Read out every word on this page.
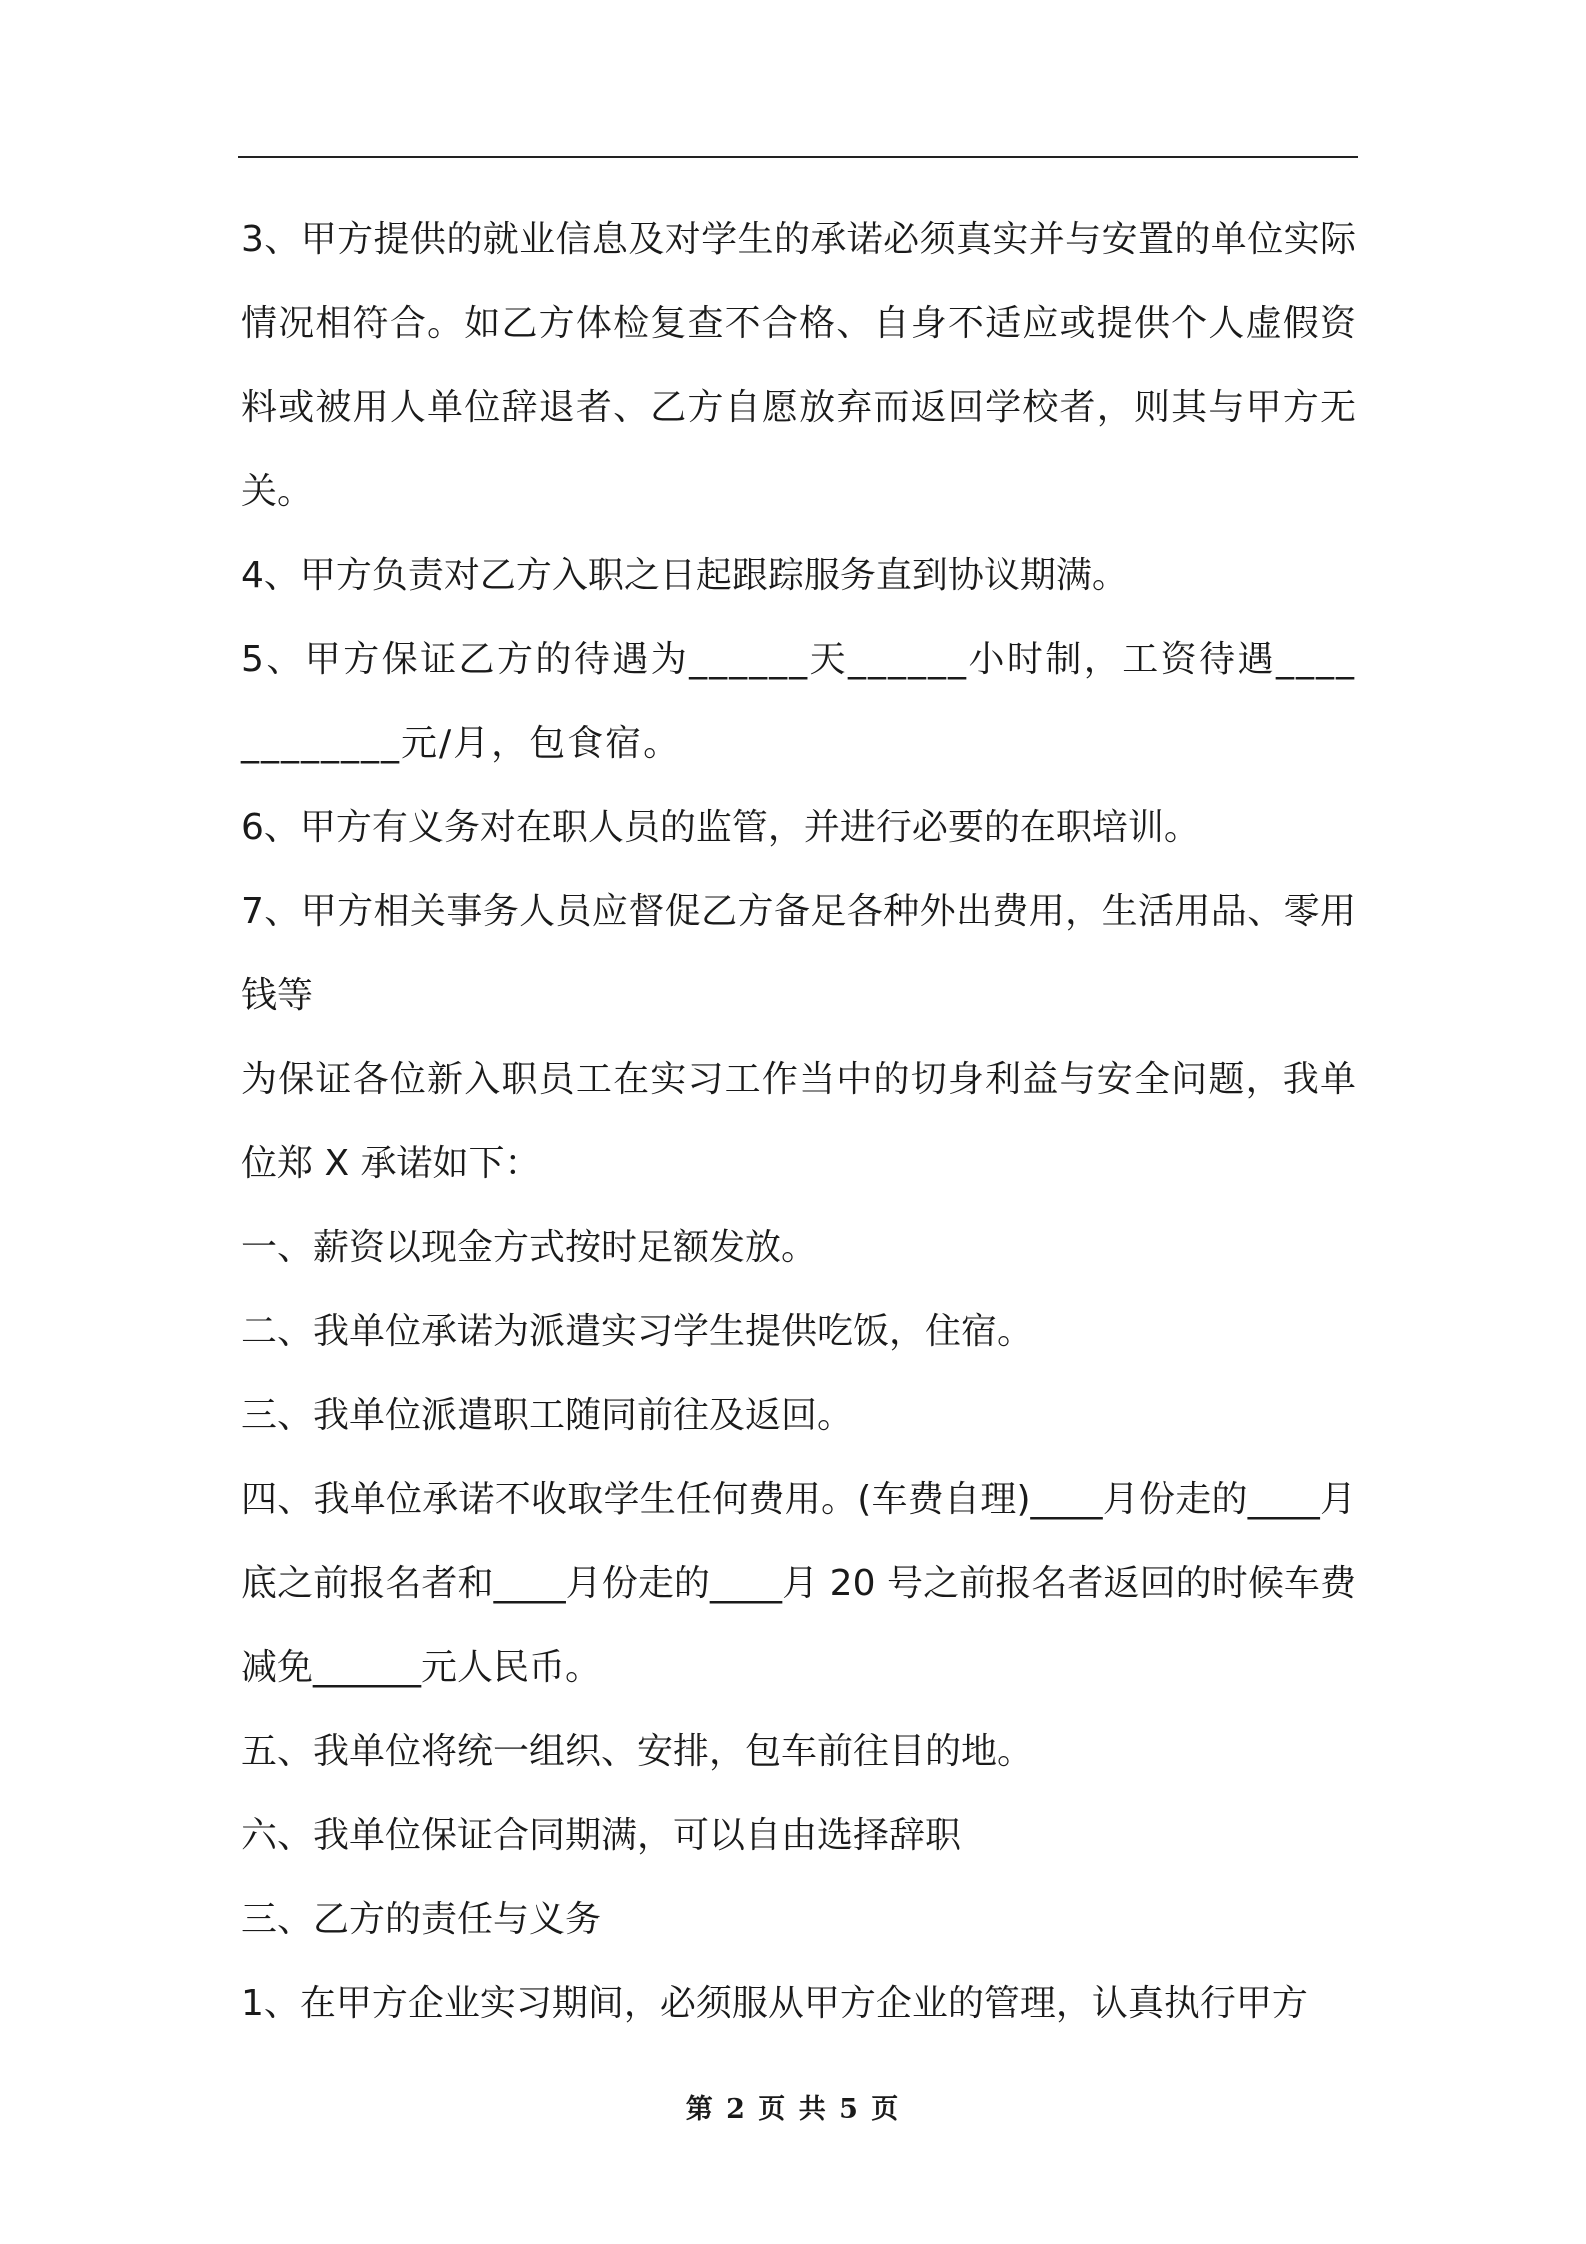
3、甲方提供的就业信息及对学生的承诺必须真实并与安置的单位实际情况相符合。如乙方体检复查不合格、自身不适应或提供个人虚假资料或被用人单位辞退者、乙方自愿放弃而返回学校者，则其与甲方无关。

4、甲方负责对乙方入职之日起跟踪服务直到协议期满。

5、甲方保证乙方的待遇为______天______小时制，工资待遇____________元/月，包食宿。

6、甲方有义务对在职人员的监管，并进行必要的在职培训。

7、甲方相关事务人员应督促乙方备足各种外出费用，生活用品、零用钱等

为保证各位新入职员工在实习工作当中的切身利益与安全问题，我单位郑 X 承诺如下：

一、薪资以现金方式按时足额发放。

二、我单位承诺为派遣实习学生提供吃饭，住宿。

三、我单位派遣职工随同前往及返回。

四、我单位承诺不收取学生任何费用。(车费自理)____月份走的____月底之前报名者和____月份走的____月 20 号之前报名者返回的时候车费减免______元人民币。

五、我单位将统一组织、安排，包车前往目的地。

六、我单位保证合同期满，可以自由选择辞职

三、乙方的责任与义务

1、在甲方企业实习期间，必须服从甲方企业的管理，认真执行甲方

第 2 页 共 5 页
